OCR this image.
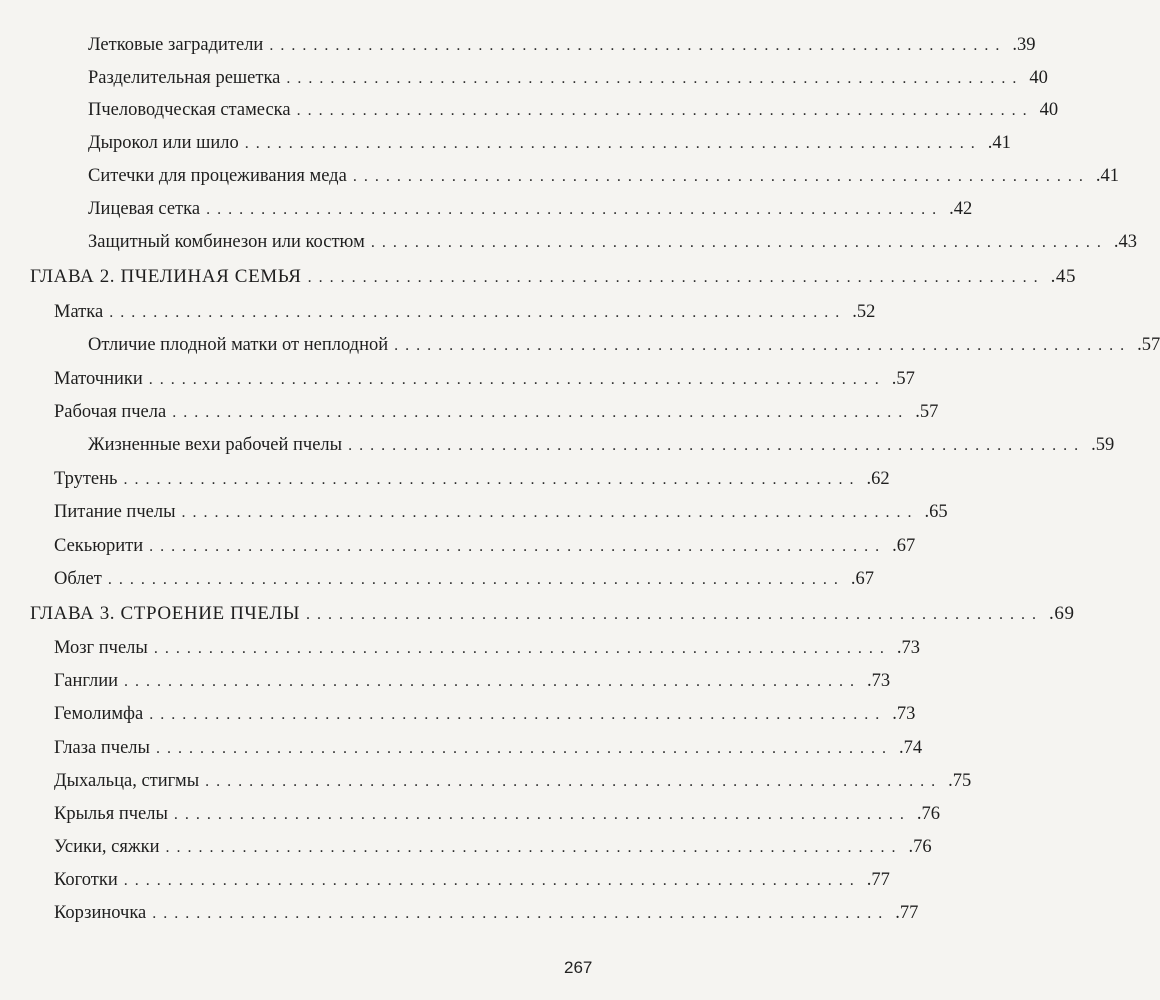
Летковые заградители ................................................................... .39
Разделительная решетка ................................................................... 40
Пчеловодческая стамеска ................................................................... 40
Дырокол или шило ................................................................... .41
Ситечки для процеживания меда ................................................................... .41
Лицевая сетка ................................................................... .42
Защитный комбинезон или костюм ................................................................... .43
ГЛАВА 2. ПЧЕЛИНАЯ СЕМЬЯ ................................................................... .45
Матка ................................................................... .52
Отличие плодной матки от неплодной ................................................................... .57
Маточники ................................................................... .57
Рабочая пчела ................................................................... .57
Жизненные вехи рабочей пчелы ................................................................... .59
Трутень ................................................................... .62
Питание пчелы ................................................................... .65
Секьюрити ................................................................... .67
Облет ................................................................... .67
ГЛАВА 3. СТРОЕНИЕ ПЧЕЛЫ ................................................................... .69
Мозг пчелы ................................................................... .73
Ганглии ................................................................... .73
Гемолимфа ................................................................... .73
Глаза пчелы ................................................................... .74
Дыхальца, стигмы ................................................................... .75
Крылья пчелы ................................................................... .76
Усики, сяжки ................................................................... .76
Коготки ................................................................... .77
Корзиночка ................................................................... .77
267
